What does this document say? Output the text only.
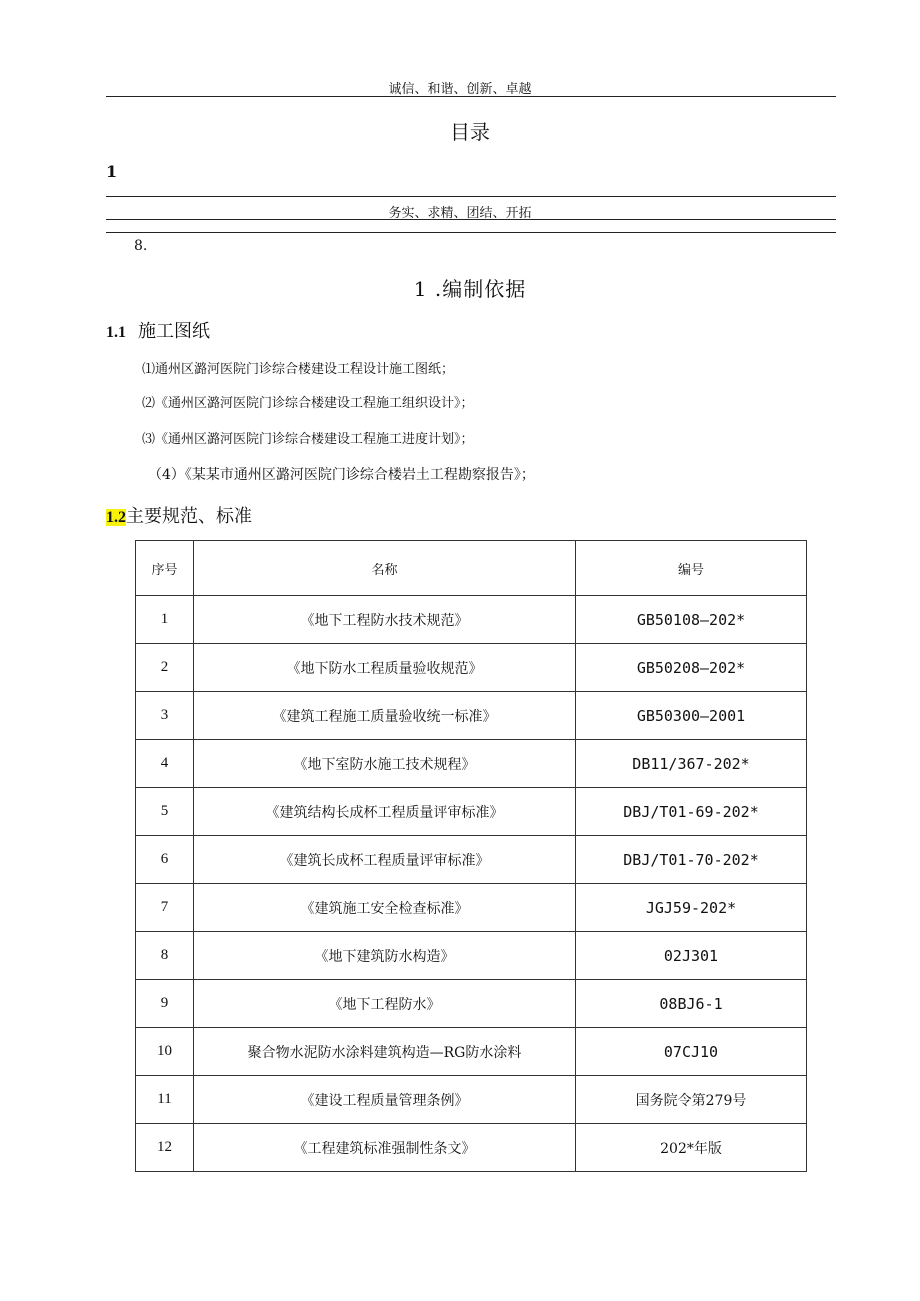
诚信、和谐、创新、卓越
目录
1
务实、求精、团结、开拓
8.
1 .编制依据
1.1 施工图纸
⑴通州区潞河医院门诊综合楼建设工程设计施工图纸；
⑵《通州区潞河医院门诊综合楼建设工程施工组织设计》；
⑶《通州区潞河医院门诊综合楼建设工程施工进度计划》；
（4）《某某市通州区潞河医院门诊综合楼岩土工程勘察报告》；
1.2主要规范、标准
序号	名称	编号
1	《地下工程防水技术规范》	GB50108—202*
2	《地下防水工程质量验收规范》	GB50208—202*
3	《建筑工程施工质量验收统一标准》	GB50300—2001
4	《地下室防水施工技术规程》	DB11/367-202*
5	《建筑结构长成杯工程质量评审标准》	DBJ/T01-69-202*
6	《建筑长成杯工程质量评审标准》	DBJ/T01-70-202*
7	《建筑施工安全检查标准》	JGJ59-202*
8	《地下建筑防水构造》	02J301
9	《地下工程防水》	08BJ6-1
10	聚合物水泥防水涂料建筑构造—RG防水涂料	07CJ10
11	《建设工程质量管理条例》	国务院令第279号
12	《工程建筑标准强制性条文》	202*年版
